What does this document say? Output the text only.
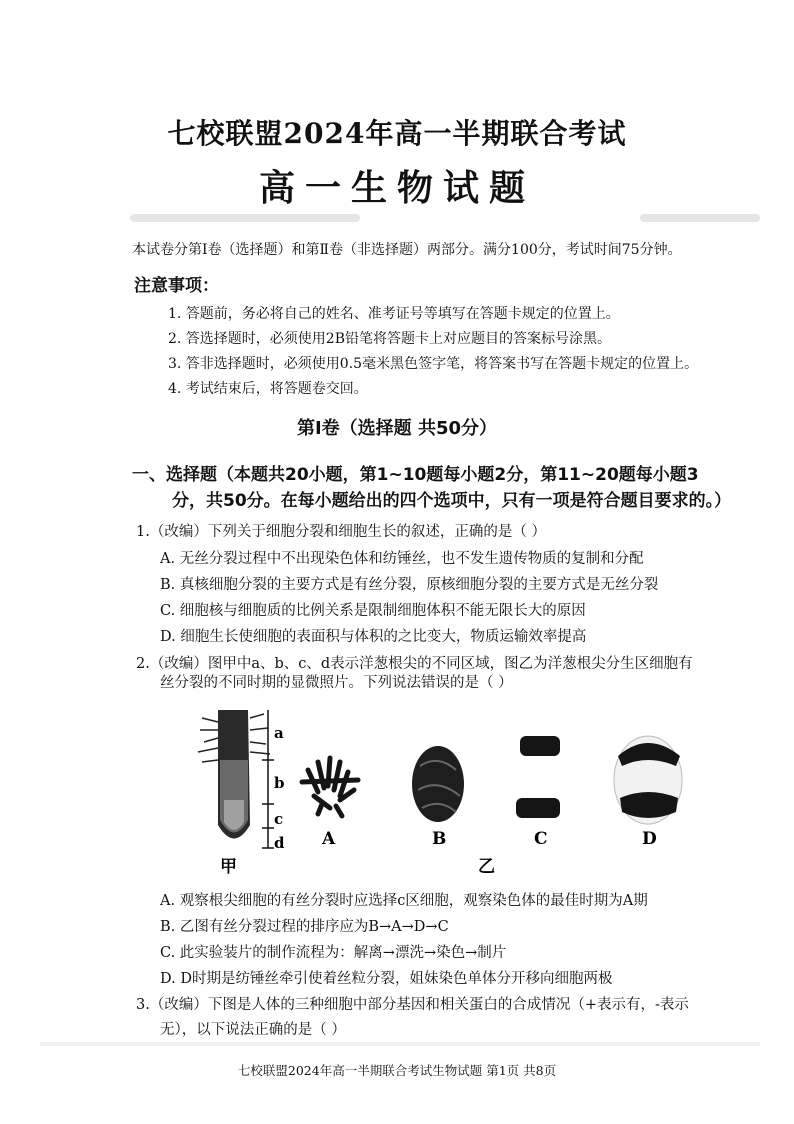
七校联盟2024年高一半期联合考试
高一生物试题
本试卷分第Ⅰ卷（选择题）和第Ⅱ卷（非选择题）两部分。满分100分，考试时间75分钟。
注意事项：
1. 答题前，务必将自己的姓名、准考证号等填写在答题卡规定的位置上。
2. 答选择题时，必须使用2B铅笔将答题卡上对应题目的答案标号涂黑。
3. 答非选择题时，必须使用0.5毫米黑色签字笔，将答案书写在答题卡规定的位置上。
4. 考试结束后，将答题卷交回。
第Ⅰ卷（选择题 共50分）
一、选择题（本题共20小题，第1~10题每小题2分，第11~20题每小题3
分，共50分。在每小题给出的四个选项中，只有一项是符合题目要求的。）
1.（改编）下列关于细胞分裂和细胞生长的叙述，正确的是（ ）
A. 无丝分裂过程中不出现染色体和纺锤丝，也不发生遗传物质的复制和分配
B. 真核细胞分裂的主要方式是有丝分裂，原核细胞分裂的主要方式是无丝分裂
C. 细胞核与细胞质的比例关系是限制细胞体积不能无限长大的原因
D. 细胞生长使细胞的表面积与体积的之比变大，物质运输效率提高
2.（改编）图甲中a、b、c、d表示洋葱根尖的不同区域，图乙为洋葱根尖分生区细胞有
丝分裂的不同时期的显微照片。下列说法错误的是（ ）
a
b
c
d A	B	C	D
甲	乙
A. 观察根尖细胞的有丝分裂时应选择c区细胞，观察染色体的最佳时期为A期
B. 乙图有丝分裂过程的排序应为B→A→D→C
C. 此实验装片的制作流程为：解离→漂洗→染色→制片
D. D时期是纺锤丝牵引使着丝粒分裂，姐妹染色单体分开移向细胞两极
3.（改编）下图是人体的三种细胞中部分基因和相关蛋白的合成情况（+表示有，-表示
无），以下说法正确的是（ ）
七校联盟2024年高一半期联合考试生物试题 第1页 共8页
